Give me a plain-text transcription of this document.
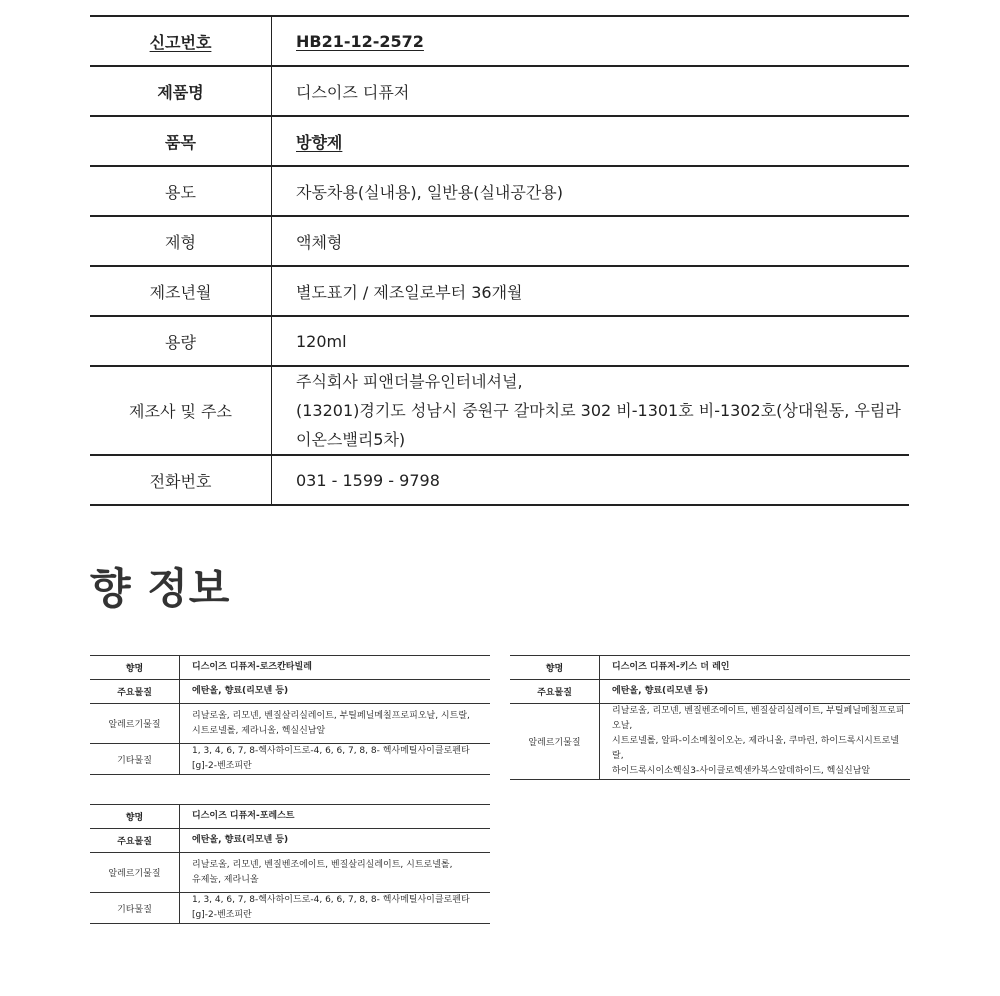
신고번호	HB21-12-2572
제품명	디스이즈 디퓨저
품목	방향제
용도	자동차용(실내용), 일반용(실내공간용)
제형	액체형
제조년월	별도표기 / 제조일로부터 36개월
용량	120ml
제조사 및 주소	주식회사 피앤더블유인터네셔널,
(13201)경기도 성남시 중원구 갈마치로 302 비-1301호 비-1302호(상대원동, 우림라이온스밸리5차)

전화번호	031 - 1599 - 9798
향 정보
향명	디스이즈 디퓨저-로즈칸타빌레
주요물질	에탄올, 향료(리모넨 등)
알레르기물질	리날로올, 리모넨, 벤질살리실레이트, 부틸페닐메칠프로피오날, 시트랄,
시트로넬롤, 제라니올, 헥실신남알

기타물질	1, 3, 4, 6, 7, 8-헥사하이드로-4, 6, 6, 7, 8, 8- 헥사메틸사이클로펜타 [g]-2-벤조피란
향명	디스이즈 디퓨저-키스 더 레인
주요물질	에탄올, 향료(리모넨 등)
알레르기물질	리날로올, 리모넨, 벤질벤조에이트, 벤질살리실레이트, 부틸페닐메칠프로피오날,
시트로넬롤, 알파-이소메칠이오논, 제라니올, 쿠마린, 하이드록시시트로넬랄,
하이드록시이소헥실3-사이클로헥센카복스알데하이드, 헥실신남알
향명	디스이즈 디퓨저-포레스트
주요물질	에탄올, 향료(리모넨 등)
알레르기물질	리날로올, 리모넨, 벤질벤조에이트, 벤질살리실레이트, 시트로넬롤,
유제놀, 제라니올

기타물질	1, 3, 4, 6, 7, 8-헥사하이드로-4, 6, 6, 7, 8, 8- 헥사메틸사이클로펜타 [g]-2-벤조피란
